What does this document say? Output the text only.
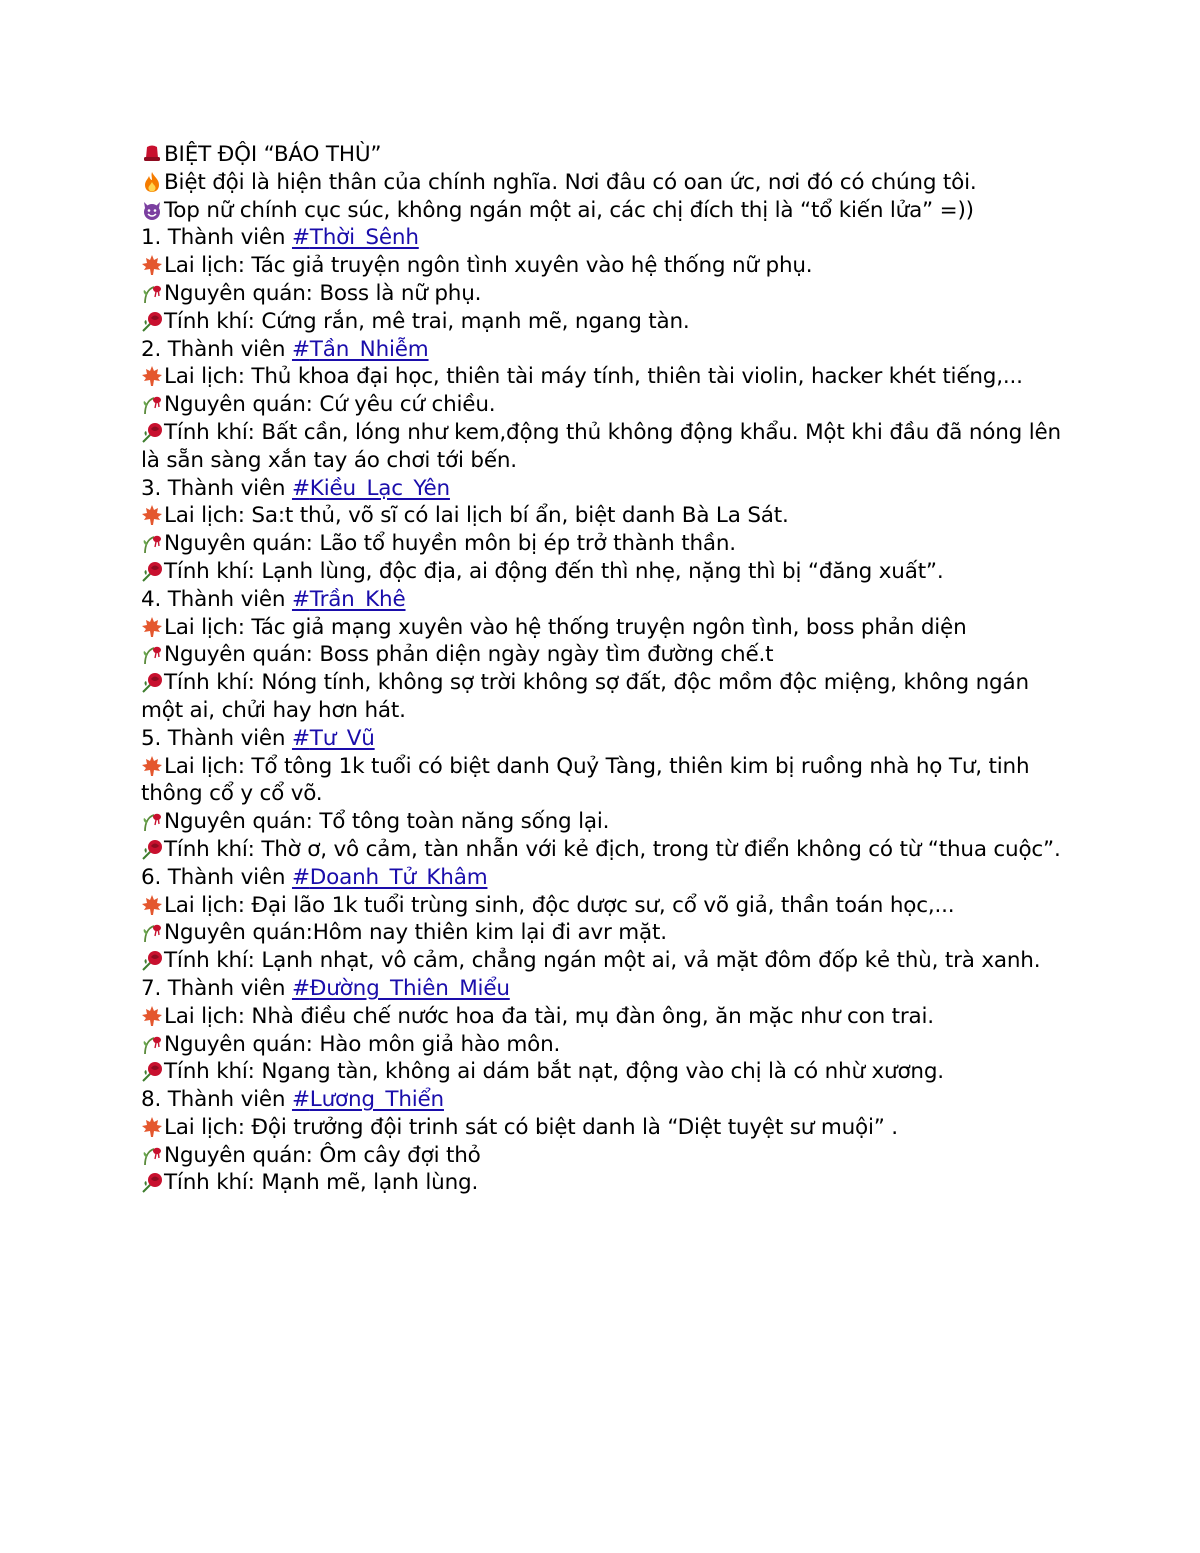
BIỆT ĐỘI “BÁO THÙ”
Biệt đội là hiện thân của chính nghĩa. Nơi đâu có oan ức, nơi đó có chúng tôi.
Top nữ chính cục súc, không ngán một ai, các chị đích thị là “tổ kiến lửa” =))
1. Thành viên # Thời_Sênh
Lai lịch: Tác giả truyện ngôn tình xuyên vào hệ thống nữ phụ.
Nguyên quán: Boss là nữ phụ.
Tính khí: Cứng rắn, mê trai, mạnh mẽ, ngang tàn.
2. Thành viên # Tần_Nhiễm
Lai lịch: Thủ khoa đại học, thiên tài máy tính, thiên tài violin, hacker khét tiếng,...
Nguyên quán: Cứ yêu cứ chiều.
Tính khí: Bất cần, lóng như kem,động thủ không động khẩu. Một khi đầu đã nóng lên là sẵn sàng xắn tay áo chơi tới bến.
3. Thành viên # Kiều_Lạc_Yên
Lai lịch: Sa:t thủ, võ sĩ có lai lịch bí ẩn, biệt danh Bà La Sát.
Nguyên quán: Lão tổ huyền môn bị ép trở thành thần.
Tính khí: Lạnh lùng, độc địa, ai động đến thì nhẹ, nặng thì bị “đăng xuất”.
4. Thành viên # Trần_Khê
Lai lịch: Tác giả mạng xuyên vào hệ thống truyện ngôn tình, boss phản diện
Nguyên quán: Boss phản diện ngày ngày tìm đường chế.t
Tính khí: Nóng tính, không sợ trời không sợ đất, độc mồm độc miệng, không ngán một ai, chửi hay hơn hát.
5. Thành viên # Tư_Vũ
Lai lịch: Tổ tông 1k tuổi có biệt danh Quỷ Tàng, thiên kim bị ruồng nhà họ Tư, tinh thông cổ y cổ võ.
Nguyên quán: Tổ tông toàn năng sống lại.
Tính khí: Thờ ơ, vô cảm, tàn nhẫn với kẻ địch, trong từ điển không có từ “thua cuộc”.
6. Thành viên # Doanh_Tử_Khâm
Lai lịch: Đại lão 1k tuổi trùng sinh, độc dược sư, cổ võ giả, thần toán học,...
Nguyên quán:Hôm nay thiên kim lại đi avr mặt.
Tính khí: Lạnh nhạt, vô cảm, chẳng ngán một ai, vả mặt đôm đốp kẻ thù, trà xanh.
7. Thành viên # Đường_Thiên_Miểu
Lai lịch: Nhà điều chế nước hoa đa tài, mụ đàn ông, ăn mặc như con trai.
Nguyên quán: Hào môn giả hào môn.
Tính khí: Ngang tàn, không ai dám bắt nạt, động vào chị là có nhừ xương.
8. Thành viên # Lương_Thiển
Lai lịch: Đội trưởng đội trinh sát có biệt danh là “Diệt tuyệt sư muội” .
Nguyên quán: Ôm cây đợi thỏ
Tính khí: Mạnh mẽ, lạnh lùng.
